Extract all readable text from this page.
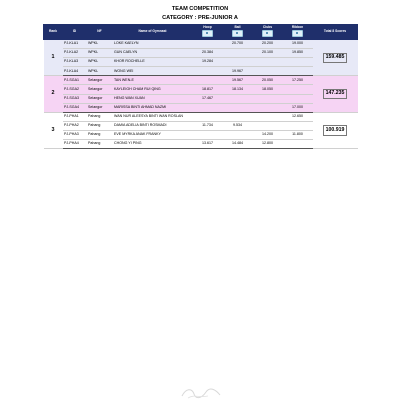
TEAM COMPETITION
CATEGORY : PRE-JUNIOR A
Rank	ID	NF	Name of Gymnast	Hoop	Ball	Clubs	Ribbon	Total 8 Scores

1	PJ-KLA1	WPKL	LOKE KAELYN		20.700	20.200	19.000	159.485
	PJ-KLA2	WPKL	GUN CAELYN	20.384		20.100	19.850	
	PJ-KLA3	WPKL	KHOR ROCHELLE	19.284				
	PJ-KLA4	WPKL	WONG WEI		19.967			
2	PJ-SGA1	Selangor	TAN WEN-E		19.567	20.050	17.250	147.235
	PJ-SGA2	Selangor	KAYLEIGH CHAM RUI QING	18.817	18.134	18.050		
	PJ-SGA3	Selangor	HENG WAN XUAN	17.467				
	PJ-SGA4	Selangor	MARISSA BINTI AHMAD NAZMI				17.000	
3	PJ-PHA1	Pahang	WAN NUR ALEESYA BINTI WAN ROSLAN				12.650	100.919
	PJ-PHA2	Pahang	DAMIA ADELIA BINTI ROSMADI	11.734	9.534			
	PJ-PHA3	Pahang	EVE MYRKA ANAK FRANKY			14.200	11.800	
	PJ-PHA4	Pahang	CHONG YI PING	13.617	14.484	12.800		
